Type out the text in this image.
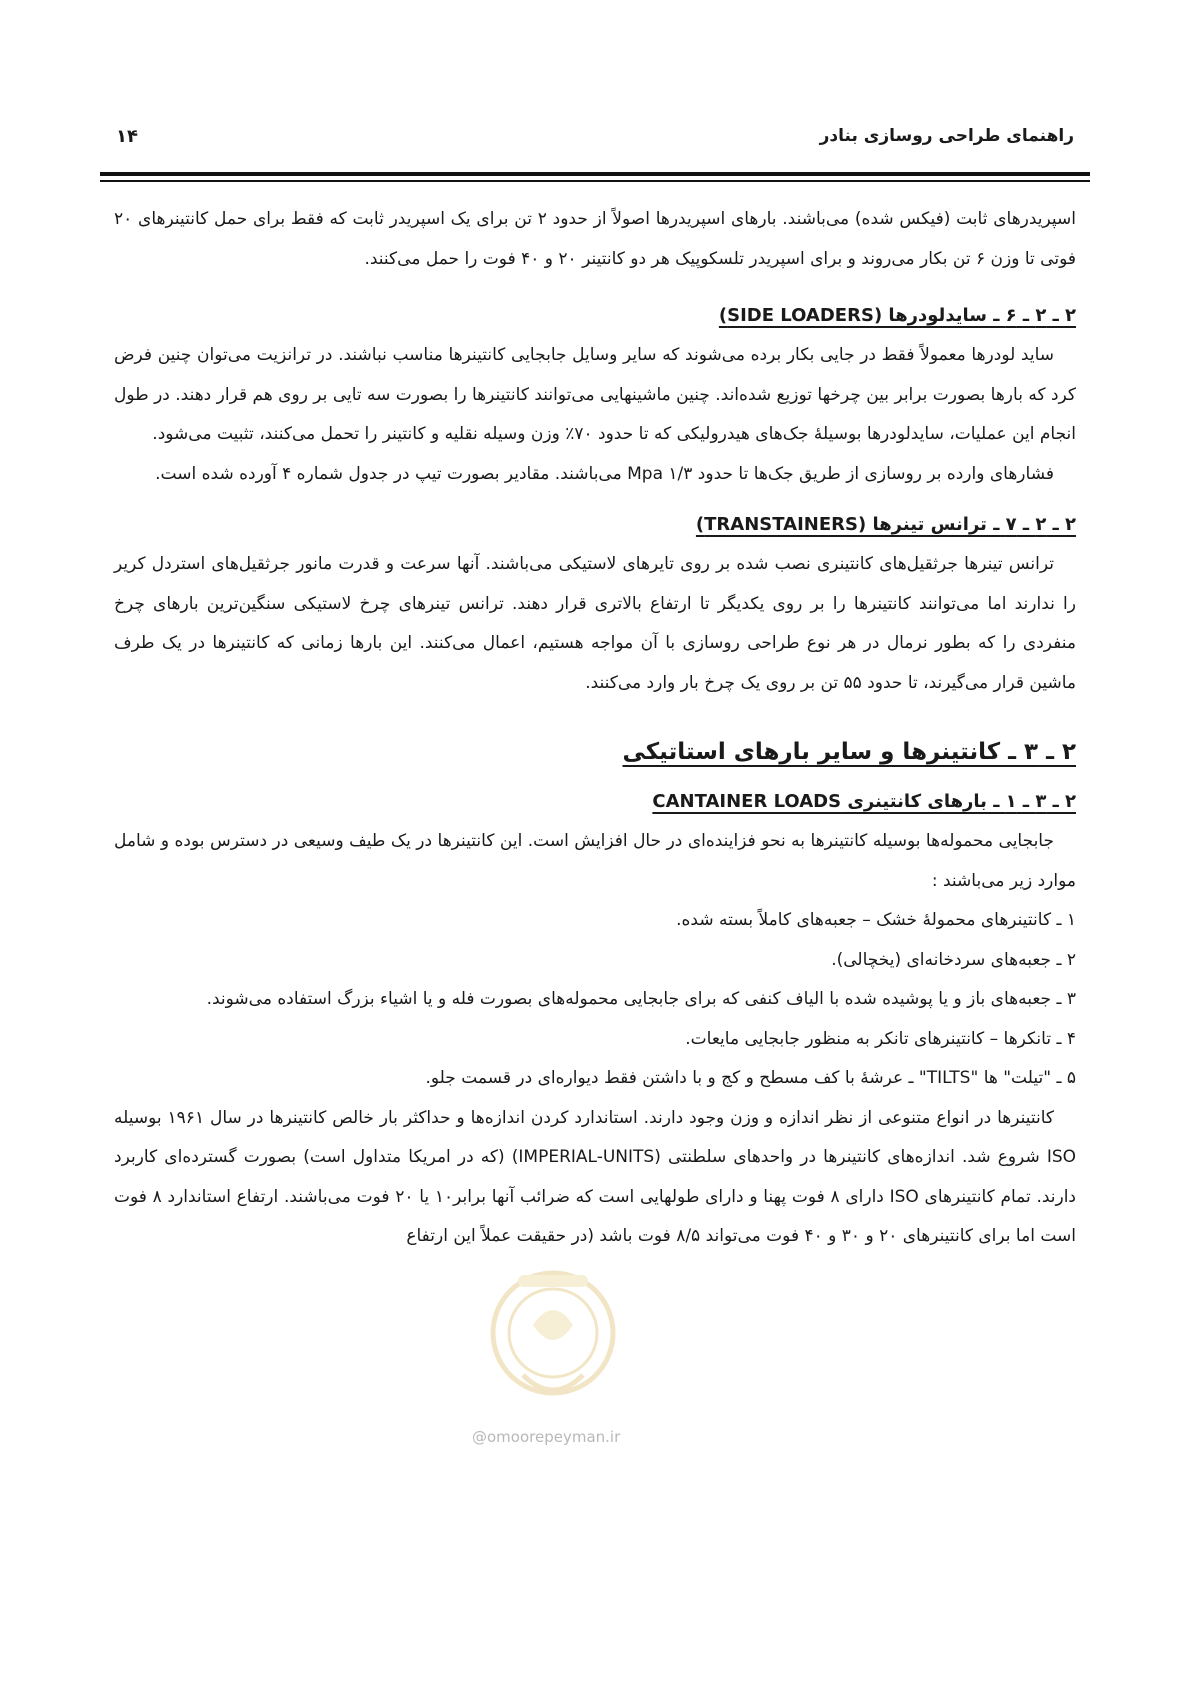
راهنمای طراحی روسازی بنادر
۱۴

اسپریدرهای ثابت (فیکس شده) می‌باشند. بارهای اسپریدرها اصولاً از حدود ۲ تن برای یک اسپریدر ثابت که فقط برای حمل کانتینرهای ۲۰ فوتی تا وزن ۶ تن بکار می‌روند و برای اسپریدر تلسکوپیک هر دو کانتینر ۲۰ و ۴۰ فوت را حمل می‌کنند.

۲ ـ ۲ ـ ۶ ـ سایدلودرها (SIDE LOADERS)

ساید لودرها معمولاً فقط در جایی بکار برده می‌شوند که سایر وسایل جابجایی کانتینرها مناسب نباشند. در ترانزیت می‌توان چنین فرض کرد که بارها بصورت برابر بین چرخها توزیع شده‌اند. چنین ماشینهایی می‌توانند کانتینرها را بصورت سه تایی بر روی هم قرار دهند. در طول انجام این عملیات، سایدلودرها بوسیلهٔ جک‌های هیدرولیکی که تا حدود ۷۰٪ وزن وسیله نقلیه و کانتینر را تحمل می‌کنند، تثبیت می‌شود.

فشارهای وارده بر روسازی از طریق جک‌ها تا حدود Mpa ۱/۳ می‌باشند. مقادیر بصورت تیپ در جدول شماره ۴ آورده شده است.

۲ ـ ۲ ـ ۷ ـ ترانس تینرها (TRANSTAINERS)

ترانس تینرها جرثقیل‌های کانتینری نصب شده بر روی تایرهای لاستیکی می‌باشند. آنها سرعت و قدرت مانور جرثقیل‌های استردل کریر را ندارند اما می‌توانند کانتینرها را بر روی یکدیگر تا ارتفاع بالاتری قرار دهند. ترانس تینرهای چرخ لاستیکی سنگین‌ترین بارهای چرخ منفردی را که بطور نرمال در هر نوع طراحی روسازی با آن مواجه هستیم، اعمال می‌کنند. این بارها زمانی که کانتینرها در یک طرف ماشین قرار می‌گیرند، تا حدود ۵۵ تن بر روی یک چرخ بار وارد می‌کنند.

۲ ـ ۳ ـ کانتینرها و سایر بارهای استاتیکی

۲ ـ ۳ ـ ۱ ـ بارهای کانتینری CANTAINER LOADS

جابجایی محموله‌ها بوسیله کانتینرها به نحو فزاینده‌ای در حال افزایش است. این کانتینرها در یک طیف وسیعی در دسترس بوده و شامل موارد زیر می‌باشند :

۱ ـ کانتینرهای محمولهٔ خشک – جعبه‌های کاملاً بسته شده.

۲ ـ جعبه‌های سردخانه‌ای (یخچالی).

۳ ـ جعبه‌های باز و یا پوشیده شده با الیاف کنفی که برای جابجایی محموله‌های بصورت فله و یا اشیاء بزرگ استفاده می‌شوند.

۴ ـ تانکرها – کانتینرهای تانکر به منظور جابجایی مایعات.

۵ ـ "تیلت" ها "TILTS" ـ عرشهٔ با کف مسطح و کج و با داشتن فقط دیواره‌ای در قسمت جلو.

کانتینرها در انواع متنوعی از نظر اندازه و وزن وجود دارند. استاندارد کردن اندازه‌ها و حداکثر بار خالص کانتینرها در سال ۱۹۶۱ بوسیله ISO شروع شد. اندازه‌های کانتینرها در واحدهای سلطنتی (IMPERIAL-UNITS) (که در امریکا متداول است) بصورت گسترده‌ای کاربرد دارند. تمام کانتینرهای ISO دارای ۸ فوت پهنا و دارای طولهایی است که ضرائب آنها برابر۱۰ یا ۲۰ فوت می‌باشند. ارتفاع استاندارد ۸ فوت است اما برای کانتینرهای ۲۰ و ۳۰ و ۴۰ فوت می‌تواند ۸/۵ فوت باشد (در حقیقت عملاً این ارتفاع

@omoorepeyman.ir
